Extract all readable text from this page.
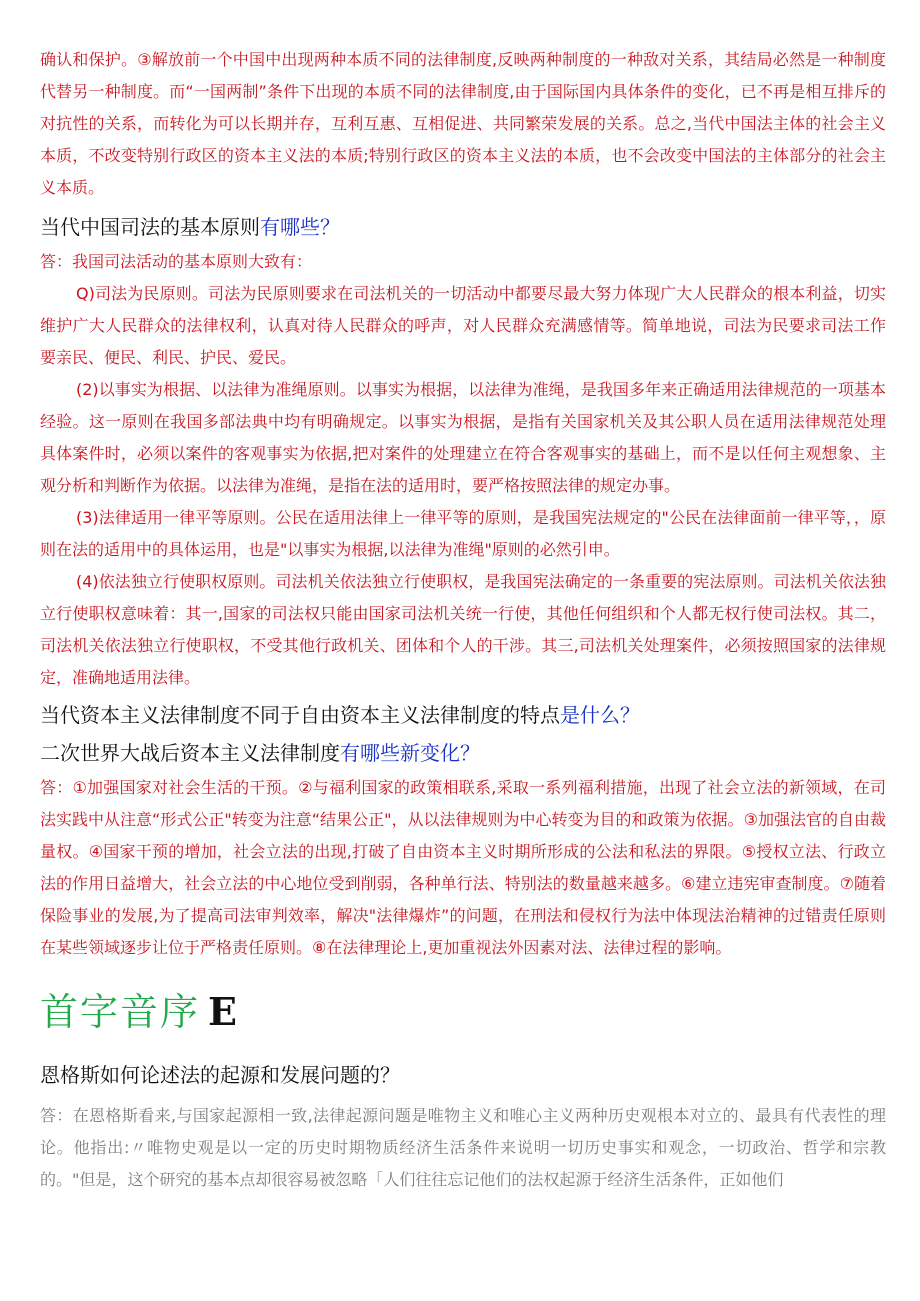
确认和保护。③解放前一个中国中出现两种本质不同的法律制度,反映两种制度的一种敌对关系，其结局必然是一种制度代替另一种制度。而“一国两制”条件下出现的本质不同的法律制度,由于国际国内具体条件的变化，已不再是相互排斥的对抗性的关系，而转化为可以长期并存，互利互惠、互相促进、共同繁荣发展的关系。总之,当代中国法主体的社会主义本质，不改变特别行政区的资本主义法的本质;特别行政区的资本主义法的本质，也不会改变中国法的主体部分的社会主义本质。

当代中国司法的基本原则有哪些？

答：我国司法活动的基本原则大致有：

Q)司法为民原则。司法为民原则要求在司法机关的一切活动中都要尽最大努力体现广大人民群众的根本利益，切实维护广大人民群众的法律权利，认真对待人民群众的呼声，对人民群众充满感情等。简单地说，司法为民要求司法工作要亲民、便民、利民、护民、爱民。

(2)以事实为根据、以法律为准绳原则。以事实为根据，以法律为准绳，是我国多年来正确适用法律规范的一项基本经验。这一原则在我国多部法典中均有明确规定。以事实为根据，是指有关国家机关及其公职人员在适用法律规范处理具体案件时，必须以案件的客观事实为依据,把对案件的处理建立在符合客观事实的基础上，而不是以任何主观想象、主观分析和判断作为依据。以法律为准绳，是指在法的适用时，要严格按照法律的规定办事。

(3)法律适用一律平等原则。公民在适用法律上一律平等的原则，是我国宪法规定的"公民在法律面前一律平等，，原则在法的适用中的具体运用，也是"以事实为根据,以法律为准绳"原则的必然引申。

(4)依法独立行使职权原则。司法机关依法独立行使职权，是我国宪法确定的一条重要的宪法原则。司法机关依法独立行使职权意味着：其一,国家的司法权只能由国家司法机关统一行使，其他任何组织和个人都无权行使司法权。其二，司法机关依法独立行使职权，不受其他行政机关、团体和个人的干涉。其三,司法机关处理案件，必须按照国家的法律规定，准确地适用法律。

当代资本主义法律制度不同于自由资本主义法律制度的特点是什么？

二次世界大战后资本主义法律制度有哪些新变化？

答：①加强国家对社会生活的干预。②与福利国家的政策相联系,采取一系列福利措施，出现了社会立法的新领域，在司法实践中从注意“形式公正"转变为注意“结果公正"，从以法律规则为中心转变为目的和政策为依据。③加强法官的自由裁量权。④国家干预的增加，社会立法的出现,打破了自由资本主义时期所形成的公法和私法的界限。⑤授权立法、行政立法的作用日益增大，社会立法的中心地位受到削弱，各种单行法、特别法的数量越来越多。⑥建立违宪审查制度。⑦随着保险事业的发展,为了提高司法审判效率，解决"法律爆炸”的问题，在刑法和侵权行为法中体现法治精神的过错责任原则在某些领域逐步让位于严格责任原则。⑧在法律理论上,更加重视法外因素对法、法律过程的影响。

首字音序 E

恩格斯如何论述法的起源和发展问题的？

答：在恩格斯看来,与国家起源相一致,法律起源问题是唯物主义和唯心主义两种历史观根本对立的、最具有代表性的理论。他指出:〃唯物史观是以一定的历史时期物质经济生活条件来说明一切历史事实和观念，一切政治、哲学和宗教的。"但是，这个研究的基本点却很容易被忽略「人们往往忘记他们的法权起源于经济生活条件，正如他们
